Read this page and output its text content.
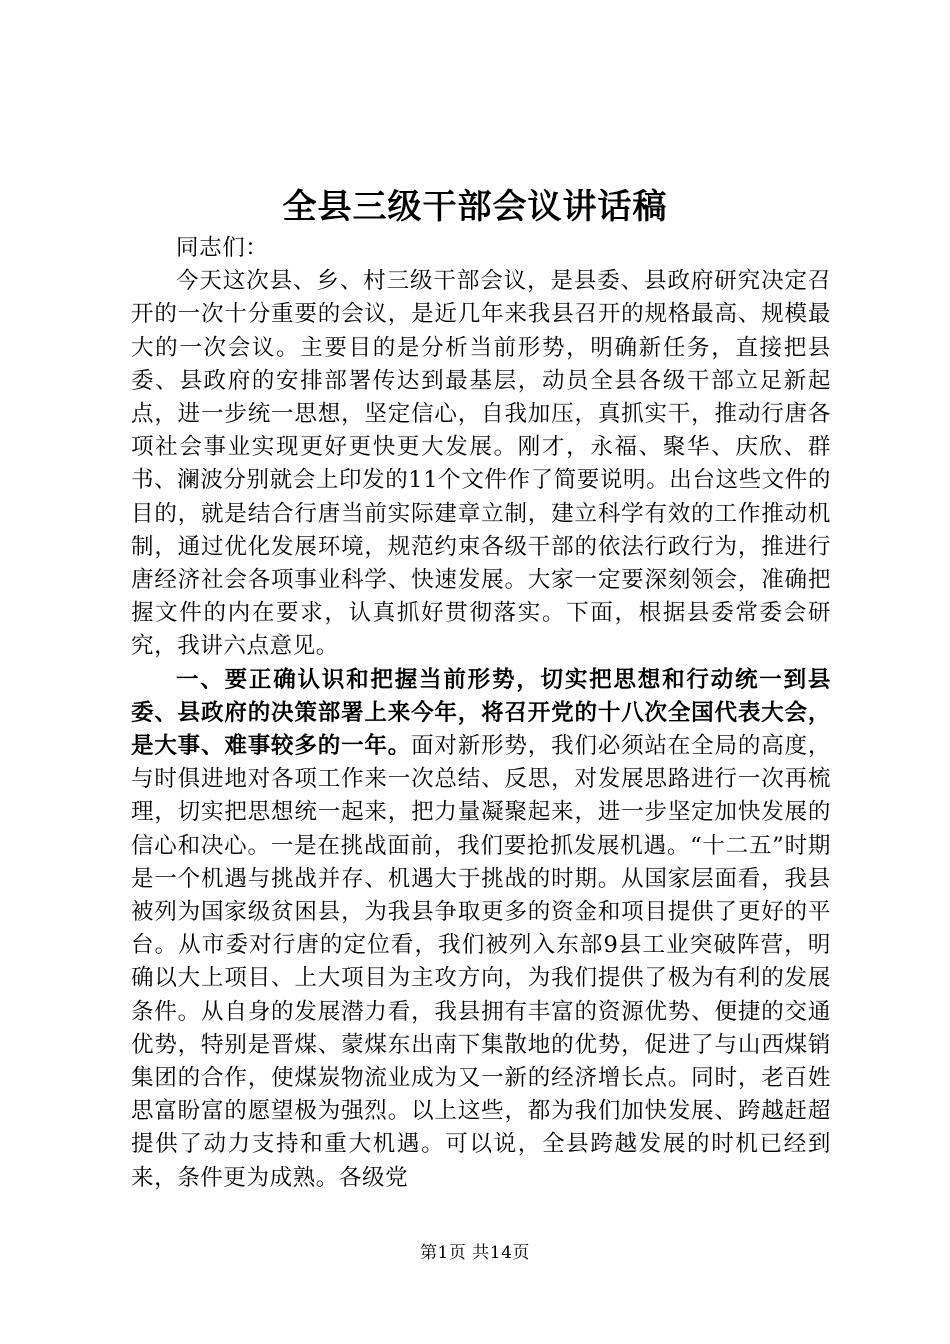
全县三级干部会议讲话稿

同志们：

今天这次县、乡、村三级干部会议，是县委、县政府研究决定召开的一次十分重要的会议，是近几年来我县召开的规格最高、规模最大的一次会议。主要目的是分析当前形势，明确新任务，直接把县委、县政府的安排部署传达到最基层，动员全县各级干部立足新起点，进一步统一思想，坚定信心，自我加压，真抓实干，推动行唐各项社会事业实现更好更快更大发展。刚才，永福、聚华、庆欣、群书、澜波分别就会上印发的11个文件作了简要说明。出台这些文件的目的，就是结合行唐当前实际建章立制，建立科学有效的工作推动机制，通过优化发展环境，规范约束各级干部的依法行政行为，推进行唐经济社会各项事业科学、快速发展。大家一定要深刻领会，准确把握文件的内在要求，认真抓好贯彻落实。下面，根据县委常委会研究，我讲六点意见。

一、要正确认识和把握当前形势，切实把思想和行动统一到县委、县政府的决策部署上来今年，将召开党的十八次全国代表大会，是大事、难事较多的一年。面对新形势，我们必须站在全局的高度，与时俱进地对各项工作来一次总结、反思，对发展思路进行一次再梳理，切实把思想统一起来，把力量凝聚起来，进一步坚定加快发展的信心和决心。一是在挑战面前，我们要抢抓发展机遇。“十二五”时期是一个机遇与挑战并存、机遇大于挑战的时期。从国家层面看，我县被列为国家级贫困县，为我县争取更多的资金和项目提供了更好的平台。从市委对行唐的定位看，我们被列入东部9县工业突破阵营，明确以大上项目、上大项目为主攻方向，为我们提供了极为有利的发展条件。从自身的发展潜力看，我县拥有丰富的资源优势、便捷的交通优势，特别是晋煤、蒙煤东出南下集散地的优势，促进了与山西煤销集团的合作，使煤炭物流业成为又一新的经济增长点。同时，老百姓思富盼富的愿望极为强烈。以上这些，都为我们加快发展、跨越赶超提供了动力支持和重大机遇。可以说，全县跨越发展的时机已经到来，条件更为成熟。各级党

第1页 共14页
